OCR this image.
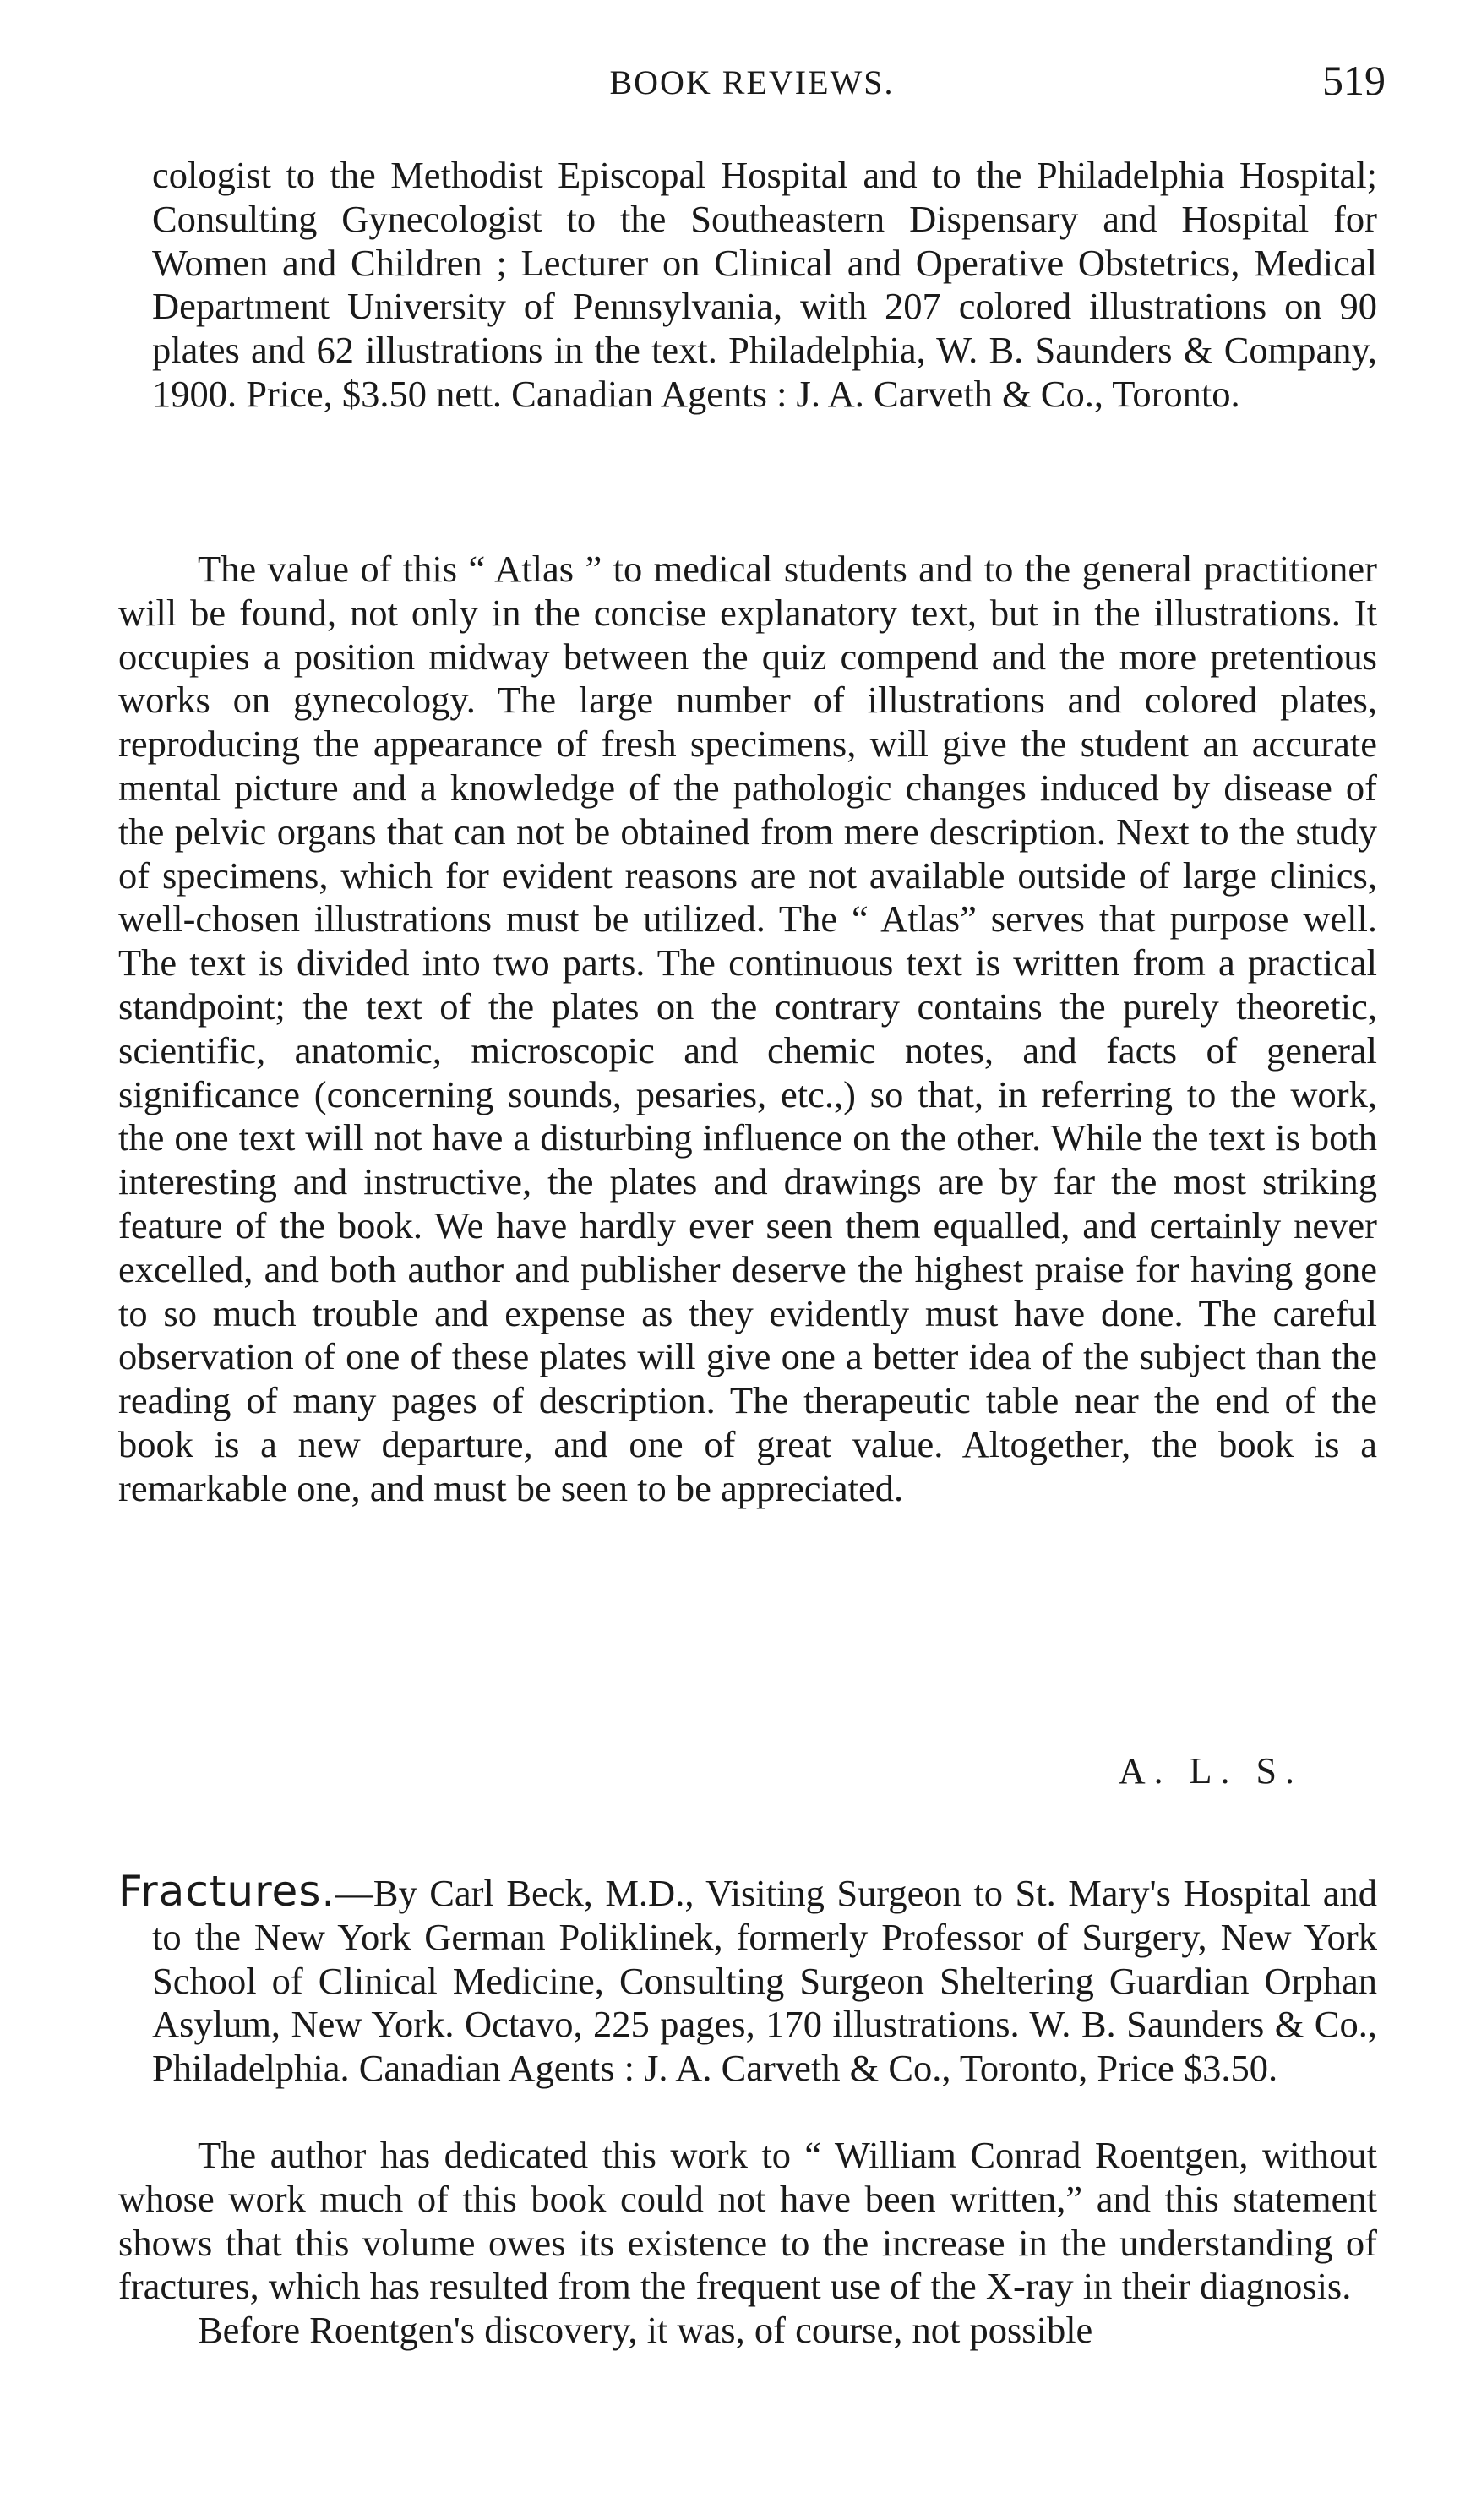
BOOK REVIEWS.	519

cologist to the Methodist Episcopal Hospital and to the Philadelphia Hospital; Consulting Gynecologist to the Southeastern Dispensary and Hospital for Women and Children ; Lecturer on Clinical and Operative Obstetrics, Medical Department University of Pennsylvania, with 207 colored illustrations on 90 plates and 62 illustrations in the text. Philadelphia, W. B. Saunders & Company, 1900. Price, $3.50 nett. Canadian Agents : J. A. Carveth & Co., Toronto.

The value of this “ Atlas ” to medical students and to the general practitioner will be found, not only in the concise explanatory text, but in the illustrations. It occupies a position midway between the quiz compend and the more pretentious works on gynecology. The large number of illustrations and colored plates, reproducing the appearance of fresh specimens, will give the student an accurate mental picture and a knowledge of the pathologic changes induced by disease of the pelvic organs that can not be obtained from mere description. Next to the study of specimens, which for evident reasons are not available outside of large clinics, well-chosen illustrations must be utilized. The “ Atlas” serves that purpose well. The text is divided into two parts. The continuous text is written from a practical standpoint; the text of the plates on the contrary contains the purely theoretic, scientific, anatomic, microscopic and chemic notes, and facts of general significance (concerning sounds, pesaries, etc.,) so that, in referring to the work, the one text will not have a disturbing influence on the other. While the text is both interesting and instructive, the plates and drawings are by far the most striking feature of the book. We have hardly ever seen them equalled, and certainly never excelled, and both author and publisher deserve the highest praise for having gone to so much trouble and expense as they evidently must have done. The careful observation of one of these plates will give one a better idea of the subject than the reading of many pages of description. The therapeutic table near the end of the book is a new departure, and one of great value. Altogether, the book is a remarkable one, and must be seen to be appreciated.

A. L. S.

Fractures.—By Carl Beck, M.D., Visiting Surgeon to St. Mary's Hospital and to the New York German Poliklinek, formerly Professor of Surgery, New York School of Clinical Medicine, Consulting Surgeon Sheltering Guardian Orphan Asylum, New York. Octavo, 225 pages, 170 illustrations. W. B. Saunders & Co., Philadelphia. Canadian Agents : J. A. Carveth & Co., Toronto, Price $3.50.

The author has dedicated this work to “ William Conrad Roentgen, without whose work much of this book could not have been written,” and this statement shows that this volume owes its existence to the increase in the understanding of fractures, which has resulted from the frequent use of the X-ray in their diagnosis.

Before Roentgen's discovery, it was, of course, not possible
